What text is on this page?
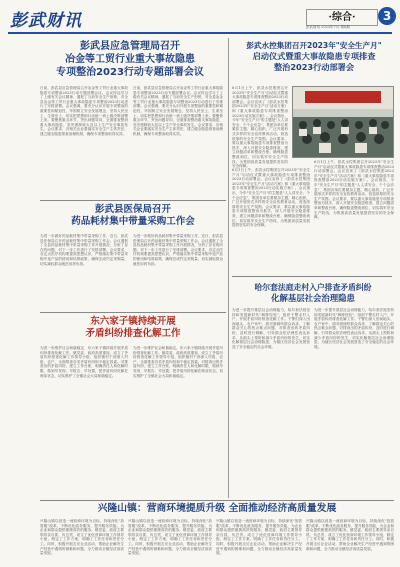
彭武财讯	·综合·	3
彭武财讯 2023年7月 第X期
彭武县应急管理局召开
冶金等工贸行业重大事故隐患
专项整治2023行动专题部署会议
日前，彭武县应急管理局召开冶金等工贸行业重大事故隐患专项整治2023行动专题部署会议。会议传达学习了上级有关会议精神，通报了当前安全生产形势，对全县冶金等工贸行业重大事故隐患专项整治2023行动进行了安排部署。会议强调，要充分认识开展专项整治的重要性和紧迫性，牢固树立安全发展理念，坚持人民至上、生命至上，切实把思想和行动统一到上级决策部署上来。要聚焦重点环节，突出问题导向，全面排查整治重大事故隐患，坚决遏制较大及以上生产安全事故发生。会议要求，各相关企业要落实安全生产主体责任，建立健全隐患排查治理机制，确保专项整治取得实效。
日前，彭武县应急管理局召开冶金等工贸行业重大事故隐患专项整治2023行动专题部署会议。会议传达学习了上级有关会议精神，通报了当前安全生产形势，对全县冶金等工贸行业重大事故隐患专项整治2023行动进行了安排部署。会议强调，要充分认识开展专项整治的重要性和紧迫性，牢固树立安全发展理念，坚持人民至上、生命至上，切实把思想和行动统一到上级决策部署上来。要聚焦重点环节，突出问题导向，全面排查整治重大事故隐患，坚决遏制较大及以上生产安全事故发生。会议要求，各相关企业要落实安全生产主体责任，建立健全隐患排查治理机制，确保专项整治取得实效。
彭武水控集团召开2023年"安全生产月"
启动仪式暨重大事故隐患专项排查
整治2023行动部署会
6月1日上午，彭武水控集团召开2023年"安全生产月"启动仪式暨重大事故隐患专项排查整治2023行动部署会。会议宣读了《彭武水控集团2023年"安全生产月"活动方案》和《重大事故隐患专项排查整治2023行动实施方案》。会议指出，今年"安全生产月"的主题是"人人讲安全、个个会应急"，集团各单位要紧扣主题，精心组织，广泛开展形式多样的安全宣传教育活动，营造浓厚的安全生产氛围。会议要求，要以重大事故隐患专项排查整治为抓手，深入开展安全隐患排查，建立问题清单和整改台账，确保隐患整改到位，切实筑牢安全生产防线，为集团高质量发展提供坚实的安全保障。
6月1日上午，彭武水控集团召开2023年"安全生产月"启动仪式暨重大事故隐患专项排查整治2023行动部署会。会议宣读了《彭武水控集团2023年"安全生产月"活动方案》和《重大事故隐患专项排查整治2023行动实施方案》。会议指出，今年"安全生产月"的主题是"人人讲安全、个个会应急"，集团各单位要紧扣主题，精心组织，广泛开展形式多样的安全宣传教育活动，营造浓厚的安全生产氛围。会议要求，要以重大事故隐患专项排查整治为抓手，深入开展安全隐患排查，建立问题清单和整改台账，确保隐患整改到位，切实筑牢安全生产防线，为集团高质量发展提供坚实的安全保障。
6月1日上午，彭武水控集团召开2023年"安全生产月"启动仪式暨重大事故隐患专项排查整治2023行动部署会。会议宣读了《彭武水控集团2023年"安全生产月"活动方案》和《重大事故隐患专项排查整治2023行动实施方案》。会议指出，今年"安全生产月"的主题是"人人讲安全、个个会应急"，集团各单位要紧扣主题，精心组织，广泛开展形式多样的安全宣传教育活动，营造浓厚的安全生产氛围。会议要求，要以重大事故隐患专项排查整治为抓手，深入开展安全隐患排查，建立问题清单和整改台账，确保隐患整改到位，切实筑牢安全生产防线，为集团高质量发展提供坚实的安全保障。
彭武县医保局召开
药品耗材集中带量采购工作会
为进一步做好药品耗材集中带量采购工作，近日，彭武县医保局召开药品耗材集中带量采购工作会。会议通报了全县药品耗材集中带量采购工作开展情况，分析了存在的问题，对下一步工作进行了安排部署。会议要求，各定点医疗机构要提高思想认识，严格落实集中带量采购中选产品的使用和结算政策，确保完成约定采购量，切实减轻群众就医用药负担。
为进一步做好药品耗材集中带量采购工作，近日，彭武县医保局召开药品耗材集中带量采购工作会。会议通报了全县药品耗材集中带量采购工作开展情况，分析了存在的问题，对下一步工作进行了安排部署。会议要求，各定点医疗机构要提高思想认识，严格落实集中带量采购中选产品的使用和结算政策，确保完成约定采购量，切实减轻群众就医用药负担。
东六家子镇持续开展
矛盾纠纷排查化解工作
为进一步维护社会和谐稳定，东六家子镇持续开展矛盾纠纷排查化解工作。镇党委、政府高度重视，成立了矛盾纠纷排查化解工作领导小组，组织镇村干部深入村组、农户，全面排查各类矛盾纠纷和不稳定因素。对排查出的矛盾纠纷，建立工作台账，明确责任人和化解时限，做到早发现、早报告、早处置，把矛盾纠纷化解在萌芽状态，切实维护了全镇社会大局和谐稳定。
为进一步维护社会和谐稳定，东六家子镇持续开展矛盾纠纷排查化解工作。镇党委、政府高度重视，成立了矛盾纠纷排查化解工作领导小组，组织镇村干部深入村组、农户，全面排查各类矛盾纠纷和不稳定因素。对排查出的矛盾纠纷，建立工作台账，明确责任人和化解时限，做到早发现、早报告、早处置，把矛盾纠纷化解在萌芽状态，切实维护了全镇社会大局和谐稳定。
哈尔套法庭走村入户排查矛盾纠纷
化解基层社会治理隐患
为进一步提升基层社会治理能力，哈尔套法庭坚持和发展新时代"枫桥经验"，组织干警走村入户，开展矛盾纠纷排查化解工作。干警们深入田间地头、农户家中，面对面倾听群众诉求，了解群众关心的热点难点问题，对排查出的矛盾纠纷，及时进行调解，引导群众依法理性表达诉求，从源头上预防和减少矛盾纠纷的发生，切实化解基层社会治理隐患，为辖区经济社会发展营造了安全稳定的社会环境。
为进一步提升基层社会治理能力，哈尔套法庭坚持和发展新时代"枫桥经验"，组织干警走村入户，开展矛盾纠纷排查化解工作。干警们深入田间地头、农户家中，面对面倾听群众诉求，了解群众关心的热点难点问题，对排查出的矛盾纠纷，及时进行调解，引导群众依法理性表达诉求，从源头上预防和减少矛盾纠纷的发生，切实化解基层社会治理隐患，为辖区经济社会发展营造了安全稳定的社会环境。
兴隆山镇：营商环境提质升级 全面推动经济高质量发展
兴隆山镇以营造一流营商环境为目标，持续深化"放管服"改革，不断优化政务服务，提升服务效能，为企业和群众提供便捷高效的服务。镇党委、政府主要领导亲自抓、负总责，成立了优化营商环境工作领导小组，制定了工作方案，明确了工作任务和责任分工。同时，积极开展走访企业活动，帮助企业解决生产经营中遇到的困难和问题，全力推动全镇经济高质量发展。
兴隆山镇以营造一流营商环境为目标，持续深化"放管服"改革，不断优化政务服务，提升服务效能，为企业和群众提供便捷高效的服务。镇党委、政府主要领导亲自抓、负总责，成立了优化营商环境工作领导小组，制定了工作方案，明确了工作任务和责任分工。同时，积极开展走访企业活动，帮助企业解决生产经营中遇到的困难和问题，全力推动全镇经济高质量发展。
兴隆山镇以营造一流营商环境为目标，持续深化"放管服"改革，不断优化政务服务，提升服务效能，为企业和群众提供便捷高效的服务。镇党委、政府主要领导亲自抓、负总责，成立了优化营商环境工作领导小组，制定了工作方案，明确了工作任务和责任分工。同时，积极开展走访企业活动，帮助企业解决生产经营中遇到的困难和问题，全力推动全镇经济高质量发展。
兴隆山镇以营造一流营商环境为目标，持续深化"放管服"改革，不断优化政务服务，提升服务效能，为企业和群众提供便捷高效的服务。镇党委、政府主要领导亲自抓、负总责，成立了优化营商环境工作领导小组，制定了工作方案，明确了工作任务和责任分工。同时，积极开展走访企业活动，帮助企业解决生产经营中遇到的困难和问题，全力推动全镇经济高质量发展。
